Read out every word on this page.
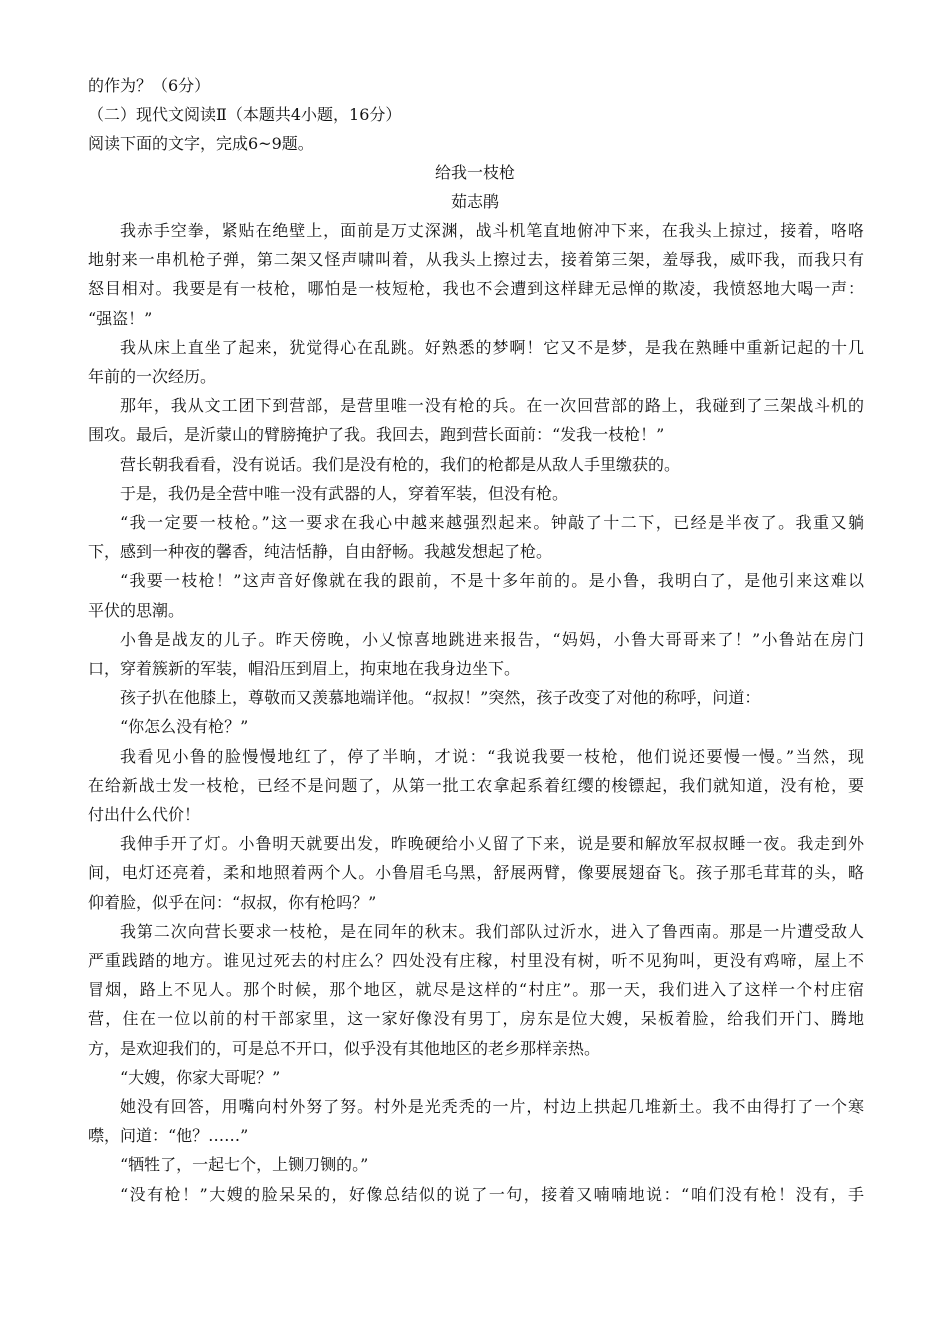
的作为？（6分）
（二）现代文阅读Ⅱ（本题共4小题，16分）
阅读下面的文字，完成6~9题。
给我一枝枪
茹志鹃
我赤手空拳，紧贴在绝壁上，面前是万丈深渊，战斗机笔直地俯冲下来，在我头上掠过，接着，咯咯
地射来一串机枪子弹，第二架又怪声啸叫着，从我头上擦过去，接着第三架，羞辱我，威吓我，而我只有
怒目相对。我要是有一枝枪，哪怕是一枝短枪，我也不会遭到这样肆无忌惮的欺凌，我愤怒地大喝一声：
“强盗！”
我从床上直坐了起来，犹觉得心在乱跳。好熟悉的梦啊！它又不是梦，是我在熟睡中重新记起的十几
年前的一次经历。
那年，我从文工团下到营部，是营里唯一没有枪的兵。在一次回营部的路上，我碰到了三架战斗机的
围攻。最后，是沂蒙山的臂膀掩护了我。我回去，跑到营长面前：“发我一枝枪！”
营长朝我看看，没有说话。我们是没有枪的，我们的枪都是从敌人手里缴获的。
于是，我仍是全营中唯一没有武器的人，穿着军装，但没有枪。
“我一定要一枝枪。”这一要求在我心中越来越强烈起来。钟敲了十二下，已经是半夜了。我重又躺
下，感到一种夜的馨香，纯洁恬静，自由舒畅。我越发想起了枪。
“我要一枝枪！”这声音好像就在我的跟前，不是十多年前的。是小鲁，我明白了，是他引来这难以
平伏的思潮。
小鲁是战友的儿子。昨天傍晚，小乂惊喜地跳进来报告，“妈妈，小鲁大哥哥来了！”小鲁站在房门
口，穿着簇新的军装，帽沿压到眉上，拘束地在我身边坐下。
孩子扒在他膝上，尊敬而又羡慕地端详他。“叔叔！”突然，孩子改变了对他的称呼，问道：
“你怎么没有枪？”
我看见小鲁的脸慢慢地红了，停了半晌，才说：“我说我要一枝枪，他们说还要慢一慢。”当然，现
在给新战士发一枝枪，已经不是问题了，从第一批工农拿起系着红缨的梭镖起，我们就知道，没有枪，要
付出什么代价！
我伸手开了灯。小鲁明天就要出发，昨晚硬给小乂留了下来，说是要和解放军叔叔睡一夜。我走到外
间，电灯还亮着，柔和地照着两个人。小鲁眉毛乌黑，舒展两臂，像要展翅奋飞。孩子那毛茸茸的头，略
仰着脸，似乎在问：“叔叔，你有枪吗？”
我第二次向营长要求一枝枪，是在同年的秋末。我们部队过沂水，进入了鲁西南。那是一片遭受敌人
严重践踏的地方。谁见过死去的村庄么？四处没有庄稼，村里没有树，听不见狗叫，更没有鸡啼，屋上不
冒烟，路上不见人。那个时候，那个地区，就尽是这样的“村庄”。那一天，我们进入了这样一个村庄宿
营，住在一位以前的村干部家里，这一家好像没有男丁，房东是位大嫂，呆板着脸，给我们开门、腾地
方，是欢迎我们的，可是总不开口，似乎没有其他地区的老乡那样亲热。
“大嫂，你家大哥呢？”
她没有回答，用嘴向村外努了努。村外是光秃秃的一片，村边上拱起几堆新土。我不由得打了一个寒
噤，问道：“他？……”
“牺牲了，一起七个，上铡刀铡的。”
“没有枪！”大嫂的脸呆呆的，好像总结似的说了一句，接着又喃喃地说：“咱们没有枪！没有，手
